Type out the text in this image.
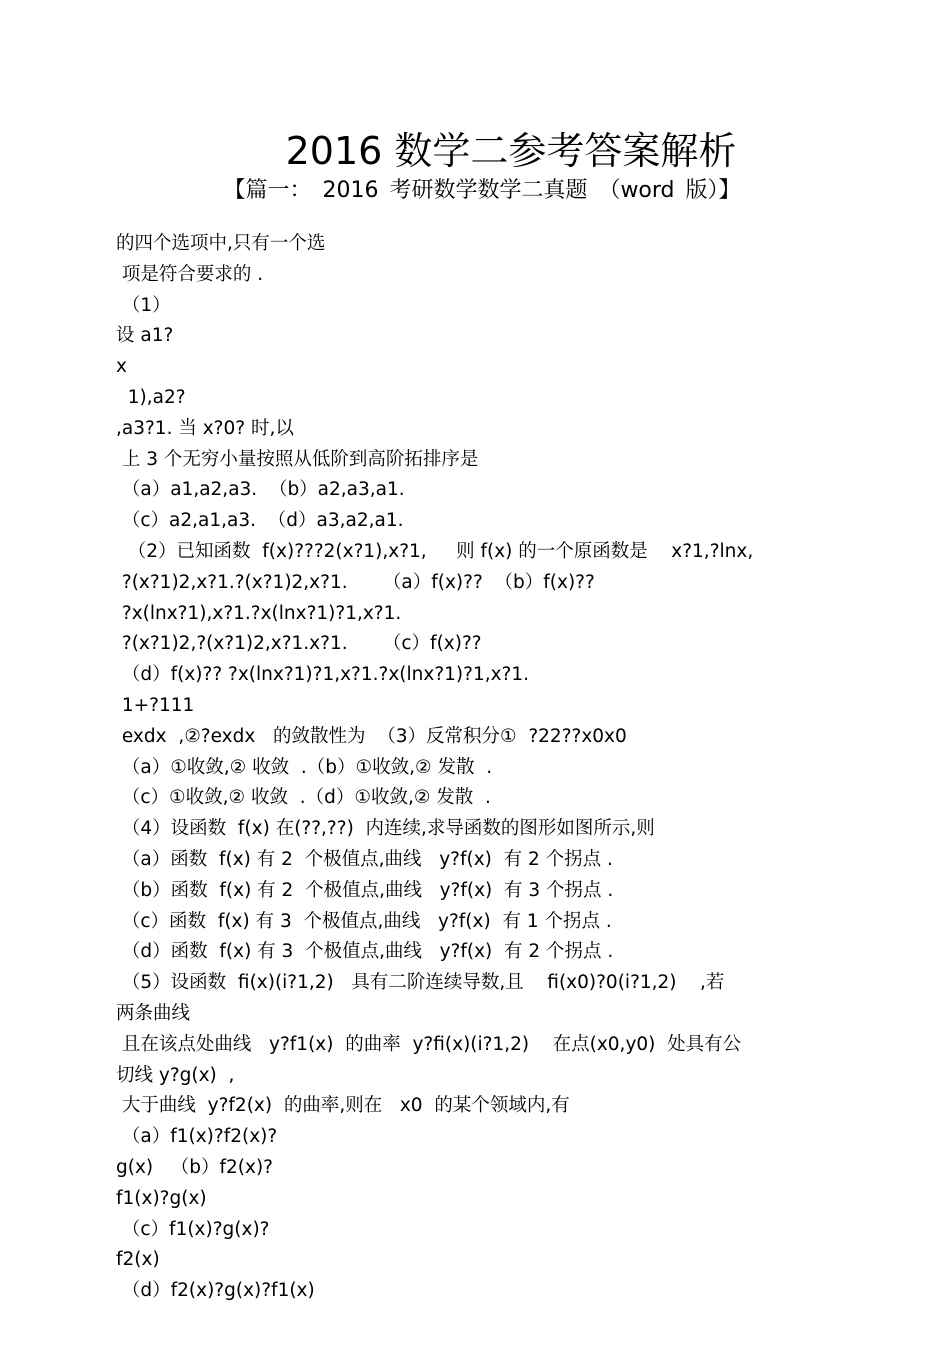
2016 数学二参考答案解析
【篇一： 2016 考研数学数学二真题 （word 版）】
的四个选项中,只有一个选
项是符合要求的 .
（1）
设 a1?
x
1),a2?
,a3?1. 当 x?0? 时,以
上 3 个无穷小量按照从低阶到高阶拓排序是
（a）a1,a2,a3.  （b）a2,a3,a1.
（c）a2,a1,a3.  （d）a3,a2,a1.
（2）已知函数  f(x)???2(x?1),x?1,     则 f(x) 的一个原函数是    x?1,?lnx,
?(x?1)2,x?1.?(x?1)2,x?1.      （a）f(x)??  （b）f(x)??
?x(lnx?1),x?1.?x(lnx?1)?1,x?1.
?(x?1)2,?(x?1)2,x?1.x?1.      （c）f(x)??
（d）f(x)?? ?x(lnx?1)?1,x?1.?x(lnx?1)?1,x?1.
1+?111
exdx  ,②?exdx   的敛散性为  （3）反常积分①  ?22??x0x0
（a）①收敛,② 收敛  .（b）①收敛,② 发散  .
（c）①收敛,② 收敛  .（d）①收敛,② 发散  .
（4）设函数  f(x) 在(??,??)  内连续,求导函数的图形如图所示,则
（a）函数  f(x) 有 2  个极值点,曲线   y?f(x)  有 2 个拐点 .
（b）函数  f(x) 有 2  个极值点,曲线   y?f(x)  有 3 个拐点 .
（c）函数  f(x) 有 3  个极值点,曲线   y?f(x)  有 1 个拐点 .
（d）函数  f(x) 有 3  个极值点,曲线   y?f(x)  有 2 个拐点 .
（5）设函数  fi(x)(i?1,2)   具有二阶连续导数,且    fi(x0)?0(i?1,2)    ,若
两条曲线
且在该点处曲线   y?f1(x)  的曲率  y?fi(x)(i?1,2)    在点(x0,y0)  处具有公
切线 y?g(x)  ,
大于曲线  y?f2(x)  的曲率,则在   x0  的某个领域内,有
（a）f1(x)?f2(x)?
g(x)   （b）f2(x)?
f1(x)?g(x)
（c）f1(x)?g(x)?
f2(x)
（d）f2(x)?g(x)?f1(x)
